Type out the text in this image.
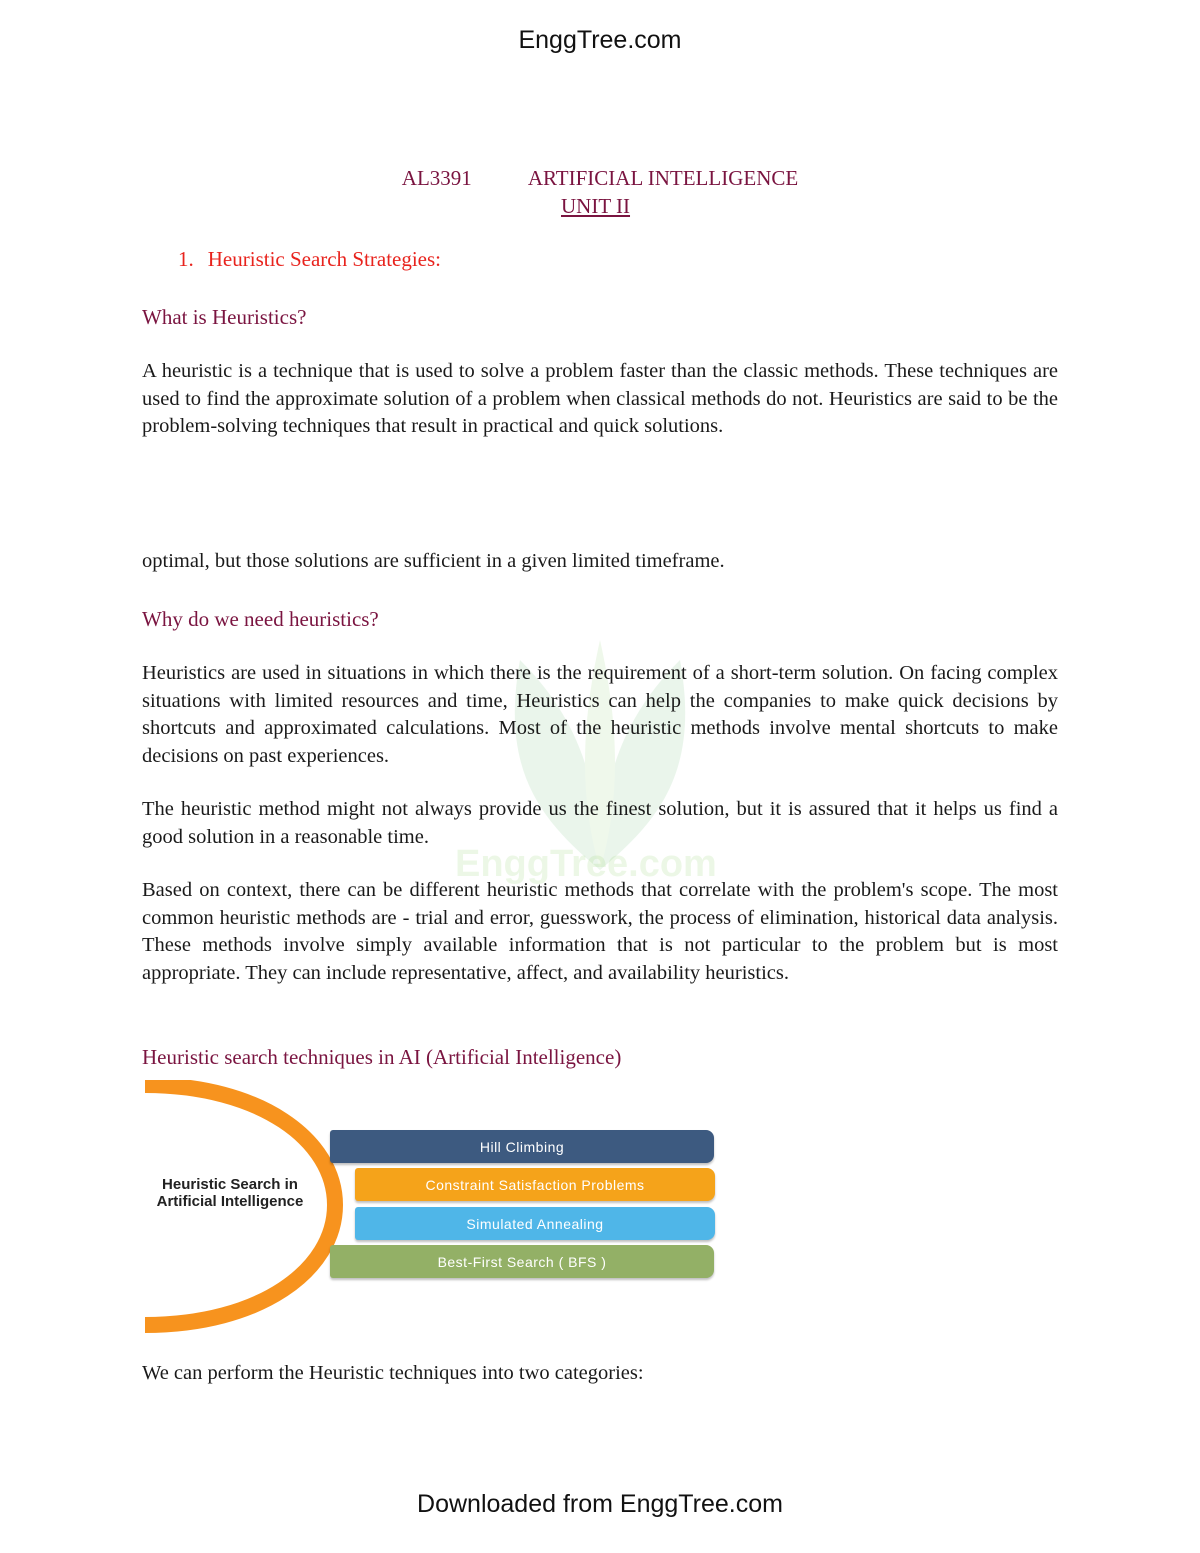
EnggTree.com
EnggTree.com
AL3391	ARTIFICIAL INTELLIGENCE
UNIT II
1. Heuristic Search Strategies:
What is Heuristics?
A heuristic is a technique that is used to solve a problem faster than the classic methods. These techniques are used to find the approximate solution of a problem when classical methods do not. Heuristics are said to be the problem-solving techniques that result in practical and quick solutions.
optimal, but those solutions are sufficient in a given limited timeframe.
Why do we need heuristics?
Heuristics are used in situations in which there is the requirement of a short-term solution. On facing complex situations with limited resources and time, Heuristics can help the companies to make quick decisions by shortcuts and approximated calculations. Most of the heuristic methods involve mental shortcuts to make decisions on past experiences.
The heuristic method might not always provide us the finest solution, but it is assured that it helps us find a good solution in a reasonable time.
Based on context, there can be different heuristic methods that correlate with the problem's scope. The most common heuristic methods are - trial and error, guesswork, the process of elimination, historical data analysis. These methods involve simply available information that is not particular to the problem but is most appropriate. They can include representative, affect, and availability heuristics.
Heuristic search techniques in AI (Artificial Intelligence)
Heuristic Search in Artificial Intelligence
Hill Climbing
Constraint Satisfaction Problems
Simulated Annealing
Best-First Search ( BFS )
We can perform the Heuristic techniques into two categories:
Downloaded from EnggTree.com
